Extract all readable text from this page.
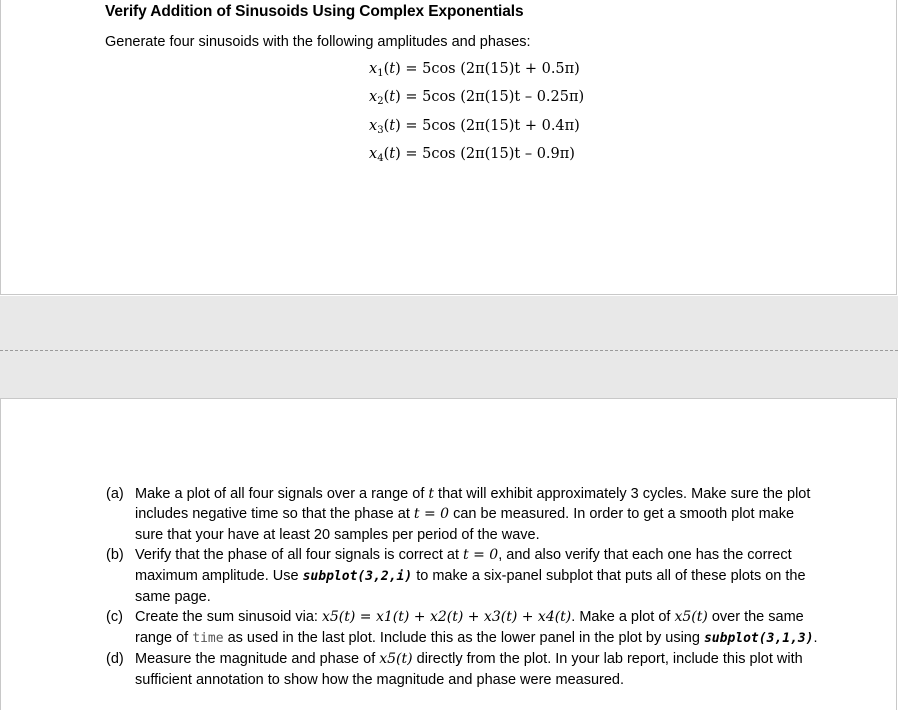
Verify Addition of Sinusoids Using Complex Exponentials
Generate four sinusoids with the following amplitudes and phases:
$x_1(t) = 5\cos$ (2π(15)t + 0.5π)
$x_2(t) = 5\cos$ (2π(15)t – 0.25π)
$x_3(t) = 5\cos$ (2π(15)t + 0.4π)
$x_4(t) = 5\cos$ (2π(15)t – 0.9π)
(a) Make a plot of all four signals over a range of t that will exhibit approximately 3 cycles. Make sure the plot includes negative time so that the phase at t = 0 can be measured. In order to get a smooth plot make sure that your have at least 20 samples per period of the wave.
(b) Verify that the phase of all four signals is correct at t = 0, and also verify that each one has the correct maximum amplitude. Use subplot(3,2,i) to make a six-panel subplot that puts all of these plots on the same page.
(c) Create the sum sinusoid via: x5(t) = x1(t) + x2(t) + x3(t) + x4(t). Make a plot of x5(t) over the same range of time as used in the last plot. Include this as the lower panel in the plot by using subplot(3,1,3).
(d) Measure the magnitude and phase of x5(t) directly from the plot. In your lab report, include this plot with sufficient annotation to show how the magnitude and phase were measured.
